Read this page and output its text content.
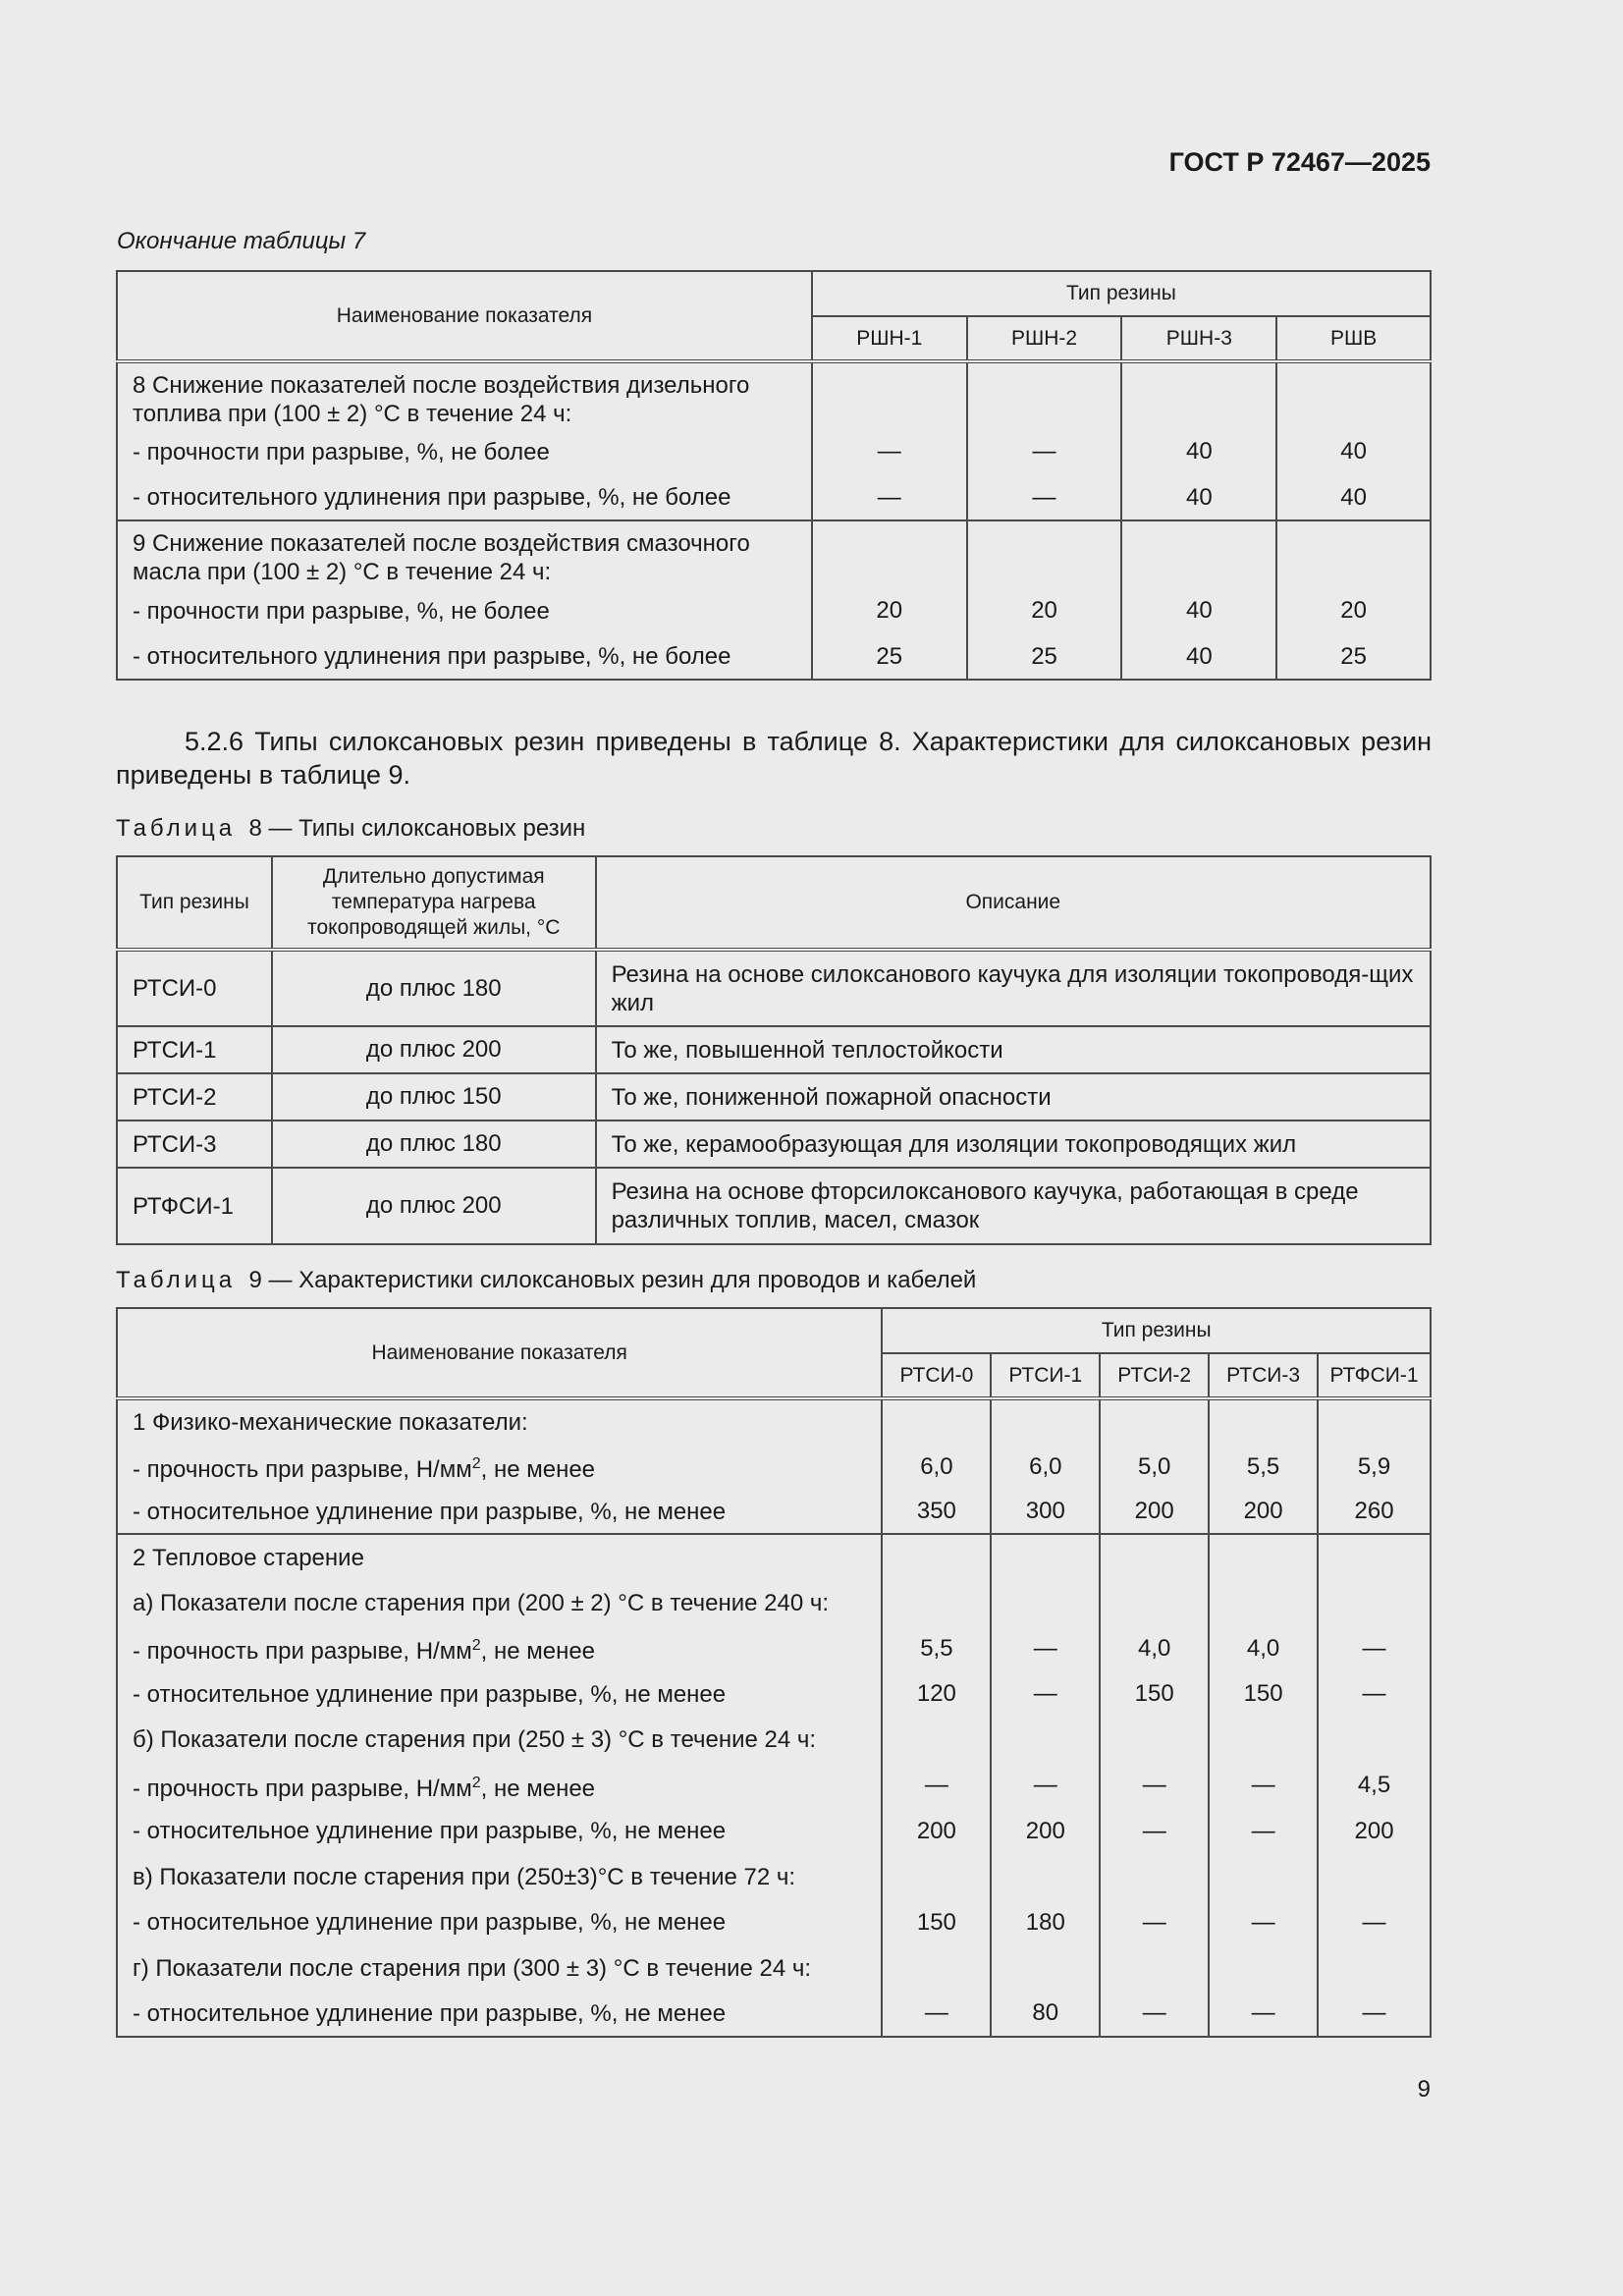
ГОСТ Р 72467—2025
Окончание таблицы 7
Наименование показателя	Тип резины			
	РШН-1	РШН-2	РШН-3	РШВ
8 Снижение показателей после воздействия дизельного топлива при (100 ± 2) °С в течение 24 ч:				
- прочности при разрыве, %, не более	—	—	40	40
- относительного удлинения при разрыве, %, не более	—	—	40	40
9 Снижение показателей после воздействия смазочного масла при (100 ± 2) °С в течение 24 ч:				
- прочности при разрыве, %, не более	20	20	40	20
- относительного удлинения при разрыве, %, не более	25	25	40	25
5.2.6 Типы силоксановых резин приведены в таблице 8. Характеристики для силоксановых резин приведены в таблице 9.
Таблица 8 — Типы силоксановых резин
Тип резины	Длительно допустимая температура нагрева токопроводящей жилы, °С	Описание
РТСИ-0	до плюс 180	Резина на основе силоксанового каучука для изоляции токопроводя-щих жил
РТСИ-1	до плюс 200	То же, повышенной теплостойкости
РТСИ-2	до плюс 150	То же, пониженной пожарной опасности
РТСИ-3	до плюс 180	То же, керамообразующая для изоляции токопроводящих жил
РТФСИ-1	до плюс 200	Резина на основе фторсилоксанового каучука, работающая в среде различных топлив, масел, смазок
Таблица 9 — Характеристики силоксановых резин для проводов и кабелей
Наименование показателя	Тип резины				
	РТСИ-0	РТСИ-1	РТСИ-2	РТСИ-3	РТФСИ-1
1 Физико-механические показатели:					
- прочность при разрыве, $Н/мм^2$, не менее	6,0	6,0	5,0	5,5	5,9
- относительное удлинение при разрыве, %, не менее	350	300	200	200	260
2 Тепловое старение					
а) Показатели после старения при (200 ± 2) °С в течение 240 ч:					
- прочность при разрыве, $Н/мм^2$, не менее	5,5	—	4,0	4,0	—
- относительное удлинение при разрыве, %, не менее	120	—	150	150	—
б) Показатели после старения при (250 ± 3) °С в течение 24 ч:					
- прочность при разрыве, $Н/мм^2$, не менее	—	—	—	—	4,5
- относительное удлинение при разрыве, %, не менее	200	200	—	—	200
в) Показатели после старения при (250±3)°С в течение 72 ч:					
- относительное удлинение при разрыве, %, не менее	150	180	—	—	—
г) Показатели после старения при (300 ± 3) °С в течение 24 ч:					
- относительное удлинение при разрыве, %, не менее	—	80	—	—	—
9
